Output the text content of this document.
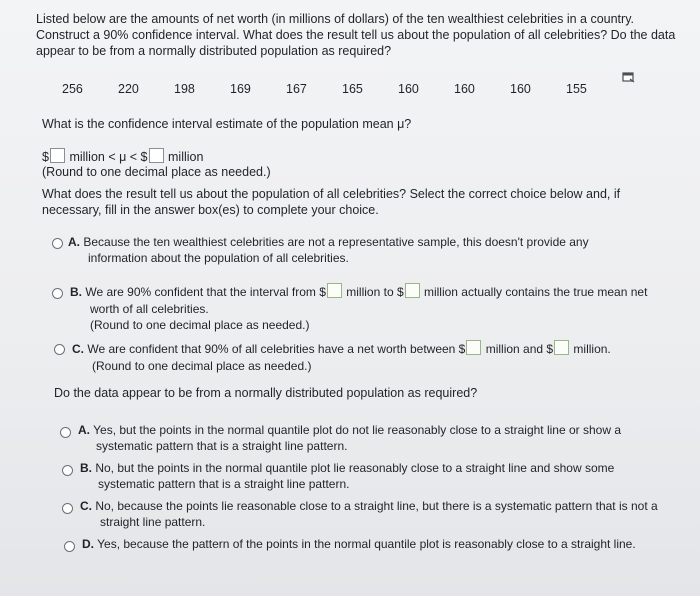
Listed below are the amounts of net worth (in millions of dollars) of the ten wealthiest celebrities in a country.
Construct a 90% confidence interval. What does the result tell us about the population of all celebrities? Do the data
appear to be from a normally distributed population as required?
256	220	198	169	167	165	160	160	160	155
What is the confidence interval estimate of the population mean μ?
$ million < μ < $ million
(Round to one decimal place as needed.)
What does the result tell us about the population of all celebrities? Select the correct choice below and, if
necessary, fill in the answer box(es) to complete your choice.
A. Because the ten wealthiest celebrities are not a representative sample, this doesn't provide any
information about the population of all celebrities.
B. We are 90% confident that the interval from $ million to $ million actually contains the true mean net
worth of all celebrities.
(Round to one decimal place as needed.)
C. We are confident that 90% of all celebrities have a net worth between $ million and $ million.
(Round to one decimal place as needed.)
Do the data appear to be from a normally distributed population as required?
A. Yes, but the points in the normal quantile plot do not lie reasonably close to a straight line or show a
systematic pattern that is a straight line pattern.
B. No, but the points in the normal quantile plot lie reasonably close to a straight line and show some
systematic pattern that is a straight line pattern.
C. No, because the points lie reasonable close to a straight line, but there is a systematic pattern that is not a
straight line pattern.
D. Yes, because the pattern of the points in the normal quantile plot is reasonably close to a straight line.
